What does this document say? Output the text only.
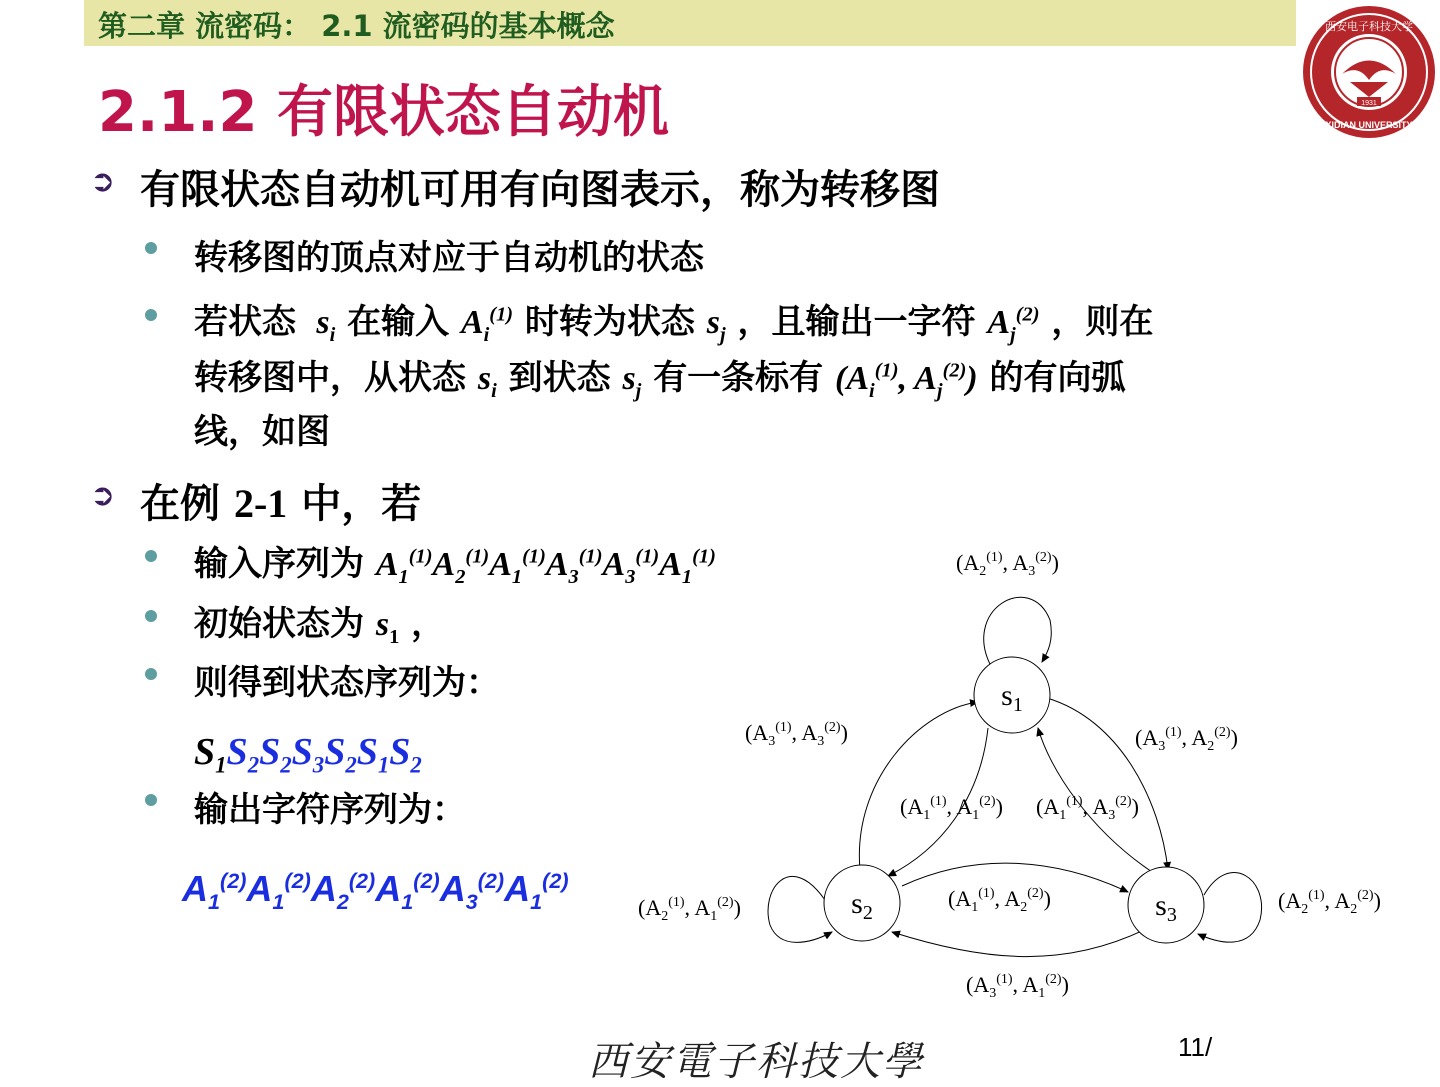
第二章 流密码： 2.1 流密码的基本概念
1931
西安电子科技大学
XIDIAN UNIVERSITY
2.1.2 有限状态自动机
➲ 有限状态自动机可用有向图表示，称为转移图
转移图的顶点对应于自动机的状态
若状态  $s_i$ 在输入 $A_i^{(1)}$ 时转为状态 $s_j$ ，且输出一字符 $A_j^{(2)}$ ，则在
转移图中，从状态 $s_i$ 到状态 $s_j$ 有一条标有 ($A_i^{(1)}$, $A_j^{(2)}$) 的有向弧
线，如图
➲ 在例 2-1 中，若
输入序列为 $A_1^{(1)}A_2^{(1)}A_1^{(1)}A_3^{(1)}A_3^{(1)}A_1^{(1)}$
初始状态为 $s_1$ ，
则得到状态序列为：
$S_1S_2S_2S_3S_2S_1S_2$
输出字符序列为：
$A_1^{(2)}A_1^{(2)}A_2^{(2)}A_1^{(2)}A_3^{(2)}A_1^{(2)}$
$s_1$
$s_2$	$s_3$
($A_2^{(1)}$, $A_3^{(2)}$)
($A_3^{(1)}$, $A_3^{(2)}$)	($A_3^{(1)}$, $A_2^{(2)}$)
($A_1^{(1)}$, $A_1^{(2)}$) ($A_1^{(1)}$, $A_3^{(2)}$)
($A_1^{(1)}$, $A_2^{(2)}$)
($A_2^{(1)}$, $A_1^{(2)}$)	($A_2^{(1)}$, $A_2^{(2)}$)
($A_3^{(1)}$, $A_1^{(2)}$)
西安電子科技大學	11/
